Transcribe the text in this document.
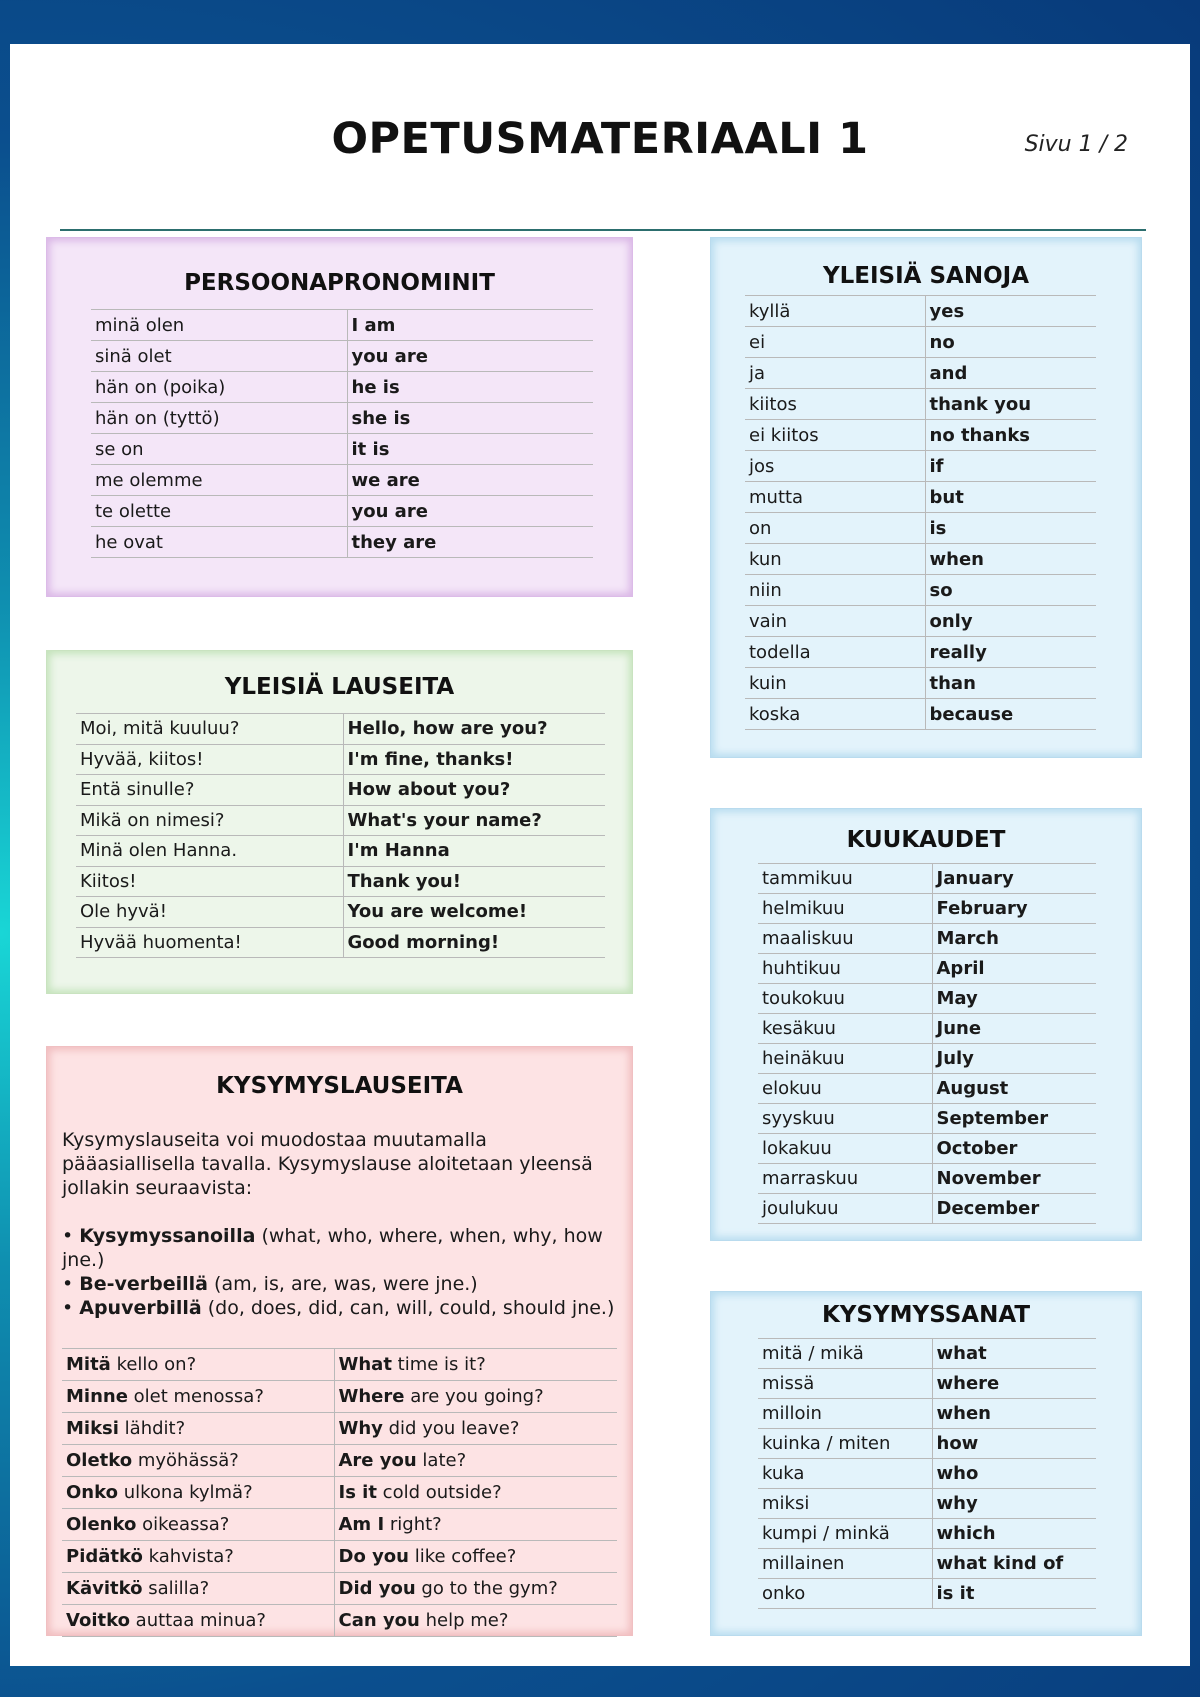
OPETUSMATERIAALI 1	Sivu 1 / 2
PERSOONAPRONOMINIT
minä olen	I am
sinä olet	you are
hän on (poika)	he is
hän on (tyttö)	she is
se on	it is
me olemme	we are
te olette	you are
he ovat	they are
YLEISIÄ LAUSEITA
Moi, mitä kuuluu?	Hello, how are you?
Hyvää, kiitos!	I'm fine, thanks!
Entä sinulle?	How about you?
Mikä on nimesi?	What's your name?
Minä olen Hanna.	I'm Hanna
Kiitos!	Thank you!
Ole hyvä!	You are welcome!
Hyvää huomenta!	Good morning!
KYSYMYSLAUSEITA

Kysymyslauseita voi muodostaa muutamalla pääasiallisella tavalla. Kysymyslause aloitetaan yleensä jollakin seuraavista:

• Kysymyssanoilla (what, who, where, when, why, how jne.)
• Be-verbeillä (am, is, are, was, were jne.)
• Apuverbillä (do, does, did, can, will, could, should jne.)
Mitä kello on?	What time is it?
Minne olet menossa?	Where are you going?
Miksi lähdit?	Why did you leave?
Oletko myöhässä?	Are you late?
Onko ulkona kylmä?	Is it cold outside?
Olenko oikeassa?	Am I right?
Pidätkö kahvista?	Do you like coffee?
Kävitkö salilla?	Did you go to the gym?
Voitko auttaa minua?	Can you help me?
YLEISIÄ SANOJA
kyllä	yes
ei	no
ja	and
kiitos	thank you
ei kiitos	no thanks
jos	if
mutta	but
on	is
kun	when
niin	so
vain	only
todella	really
kuin	than
koska	because
KUUKAUDET
tammikuu	January
helmikuu	February
maaliskuu	March
huhtikuu	April
toukokuu	May
kesäkuu	June
heinäkuu	July
elokuu	August
syyskuu	September
lokakuu	October
marraskuu	November
joulukuu	December
KYSYMYSSANAT
mitä / mikä	what
missä	where
milloin	when
kuinka / miten	how
kuka	who
miksi	why
kumpi / minkä	which
millainen	what kind of
onko	is it
